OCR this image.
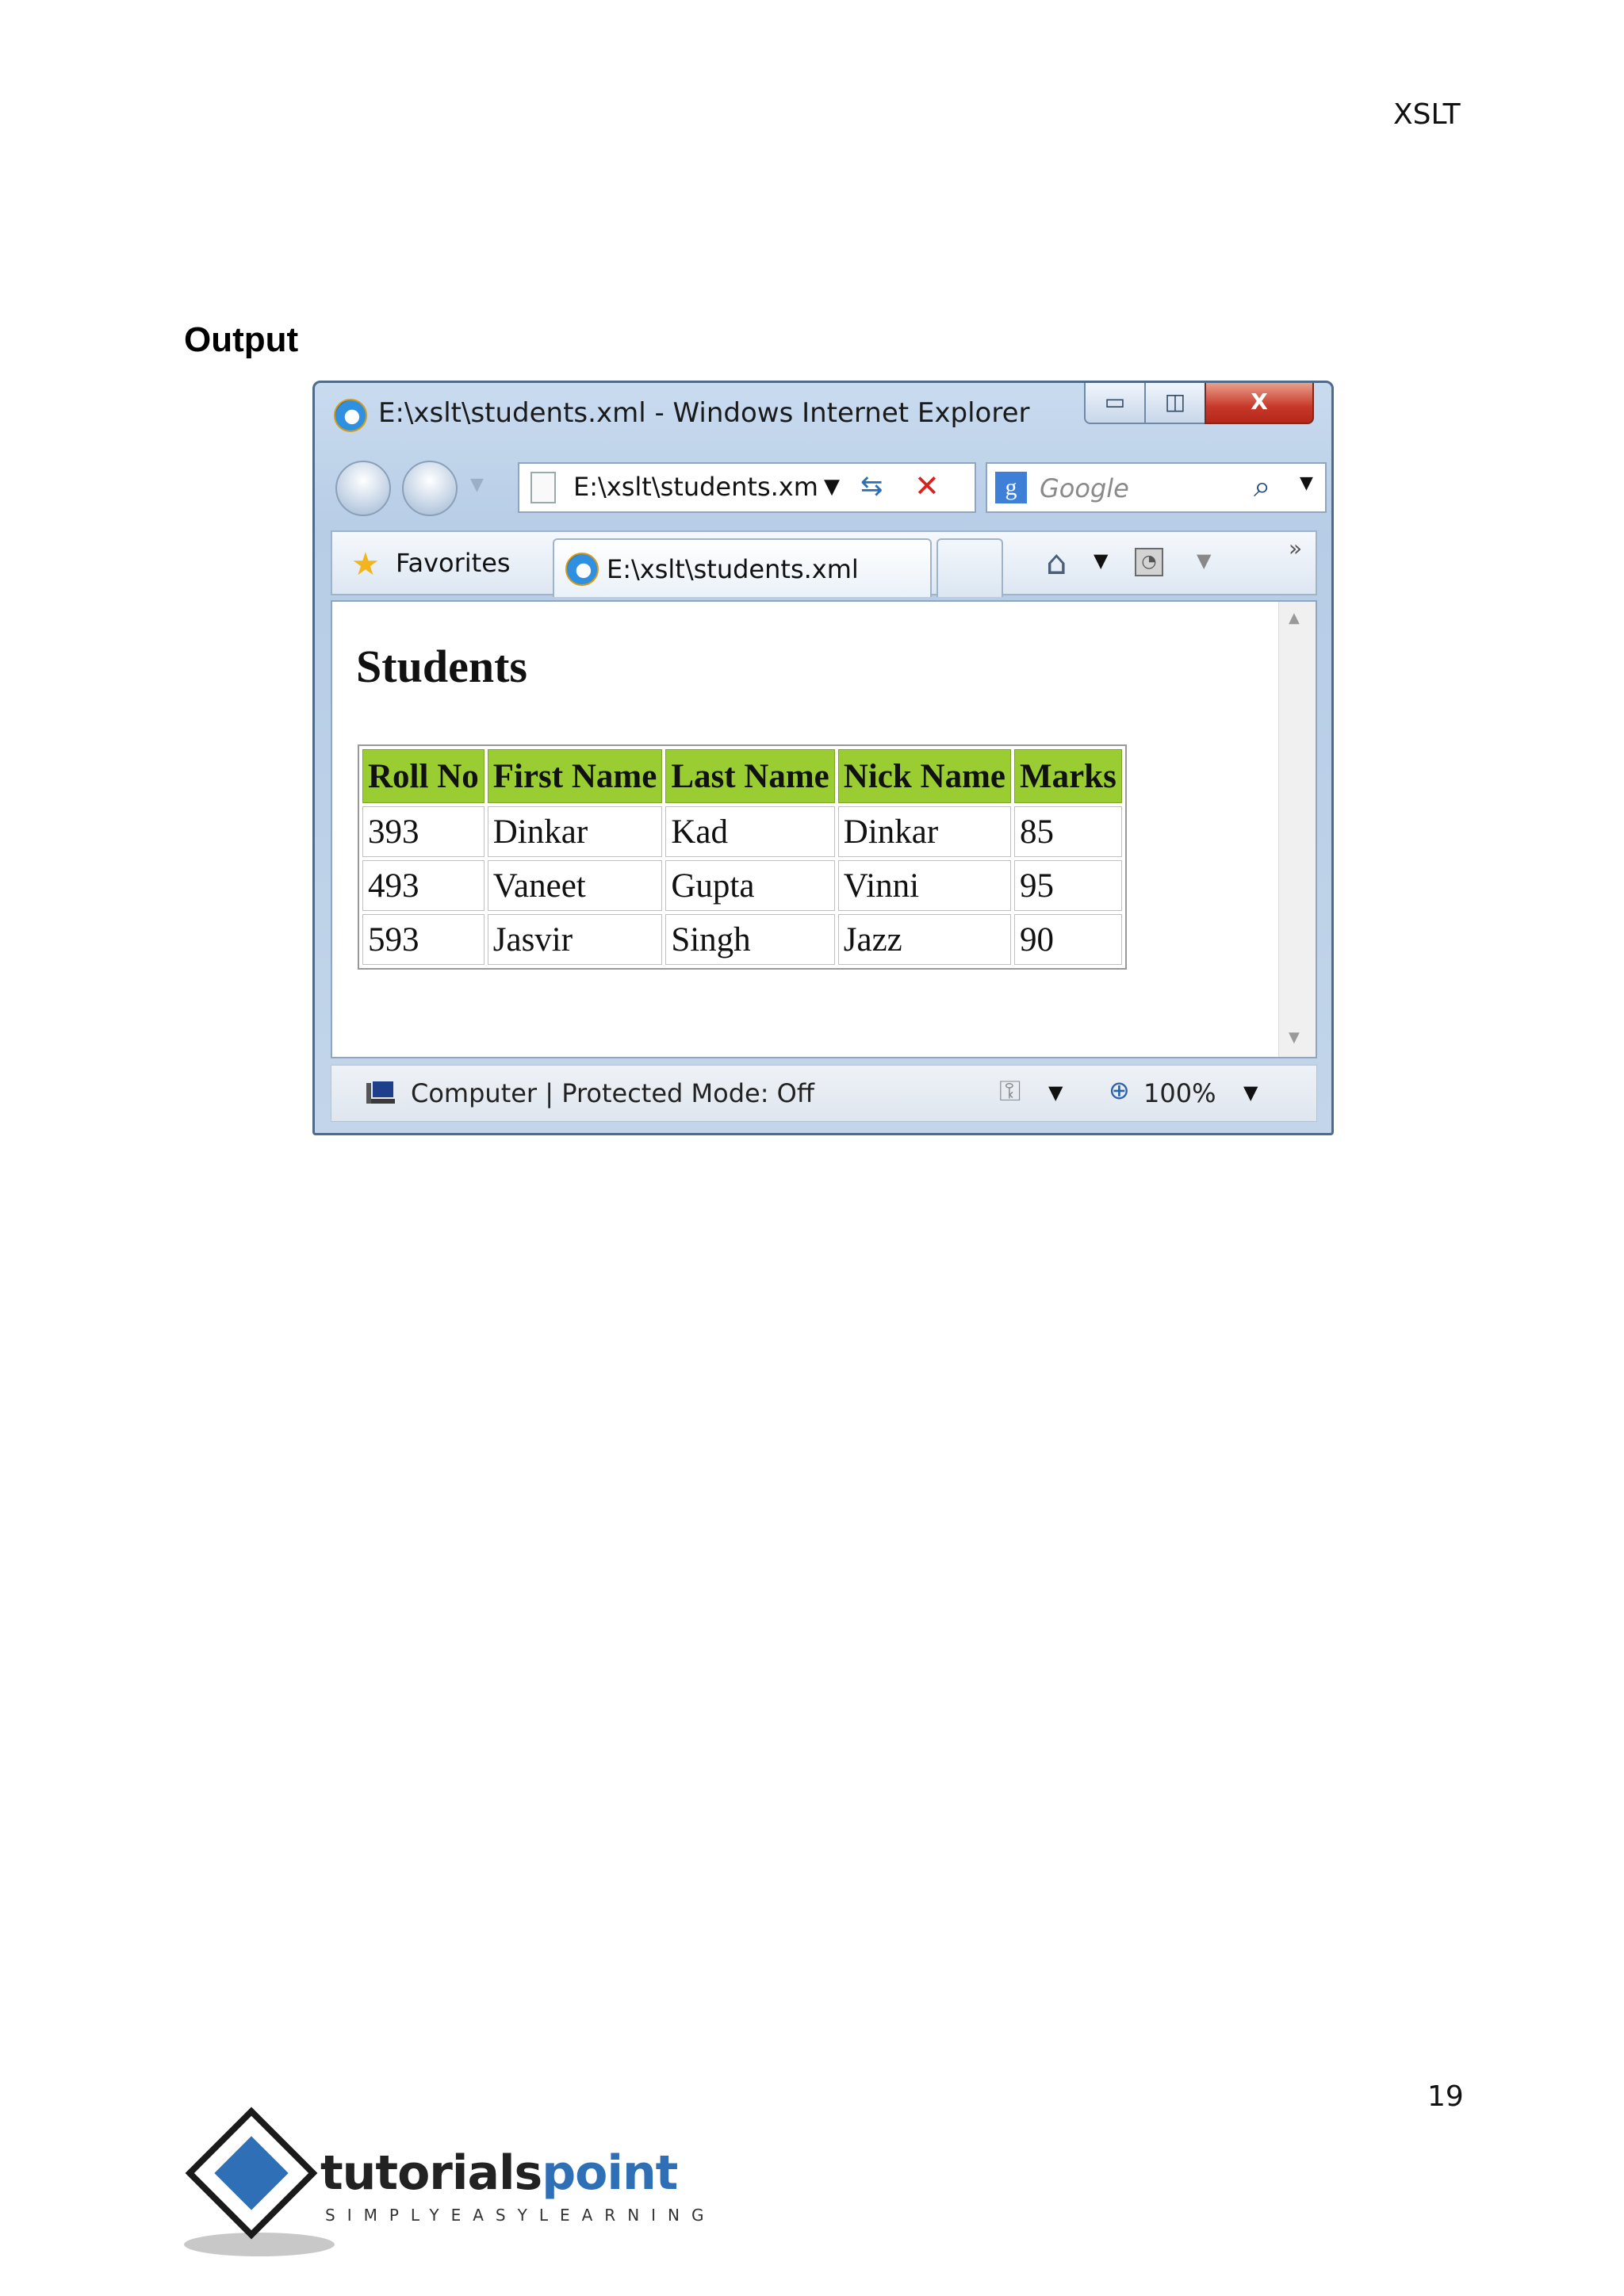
XSLT
Output
E:\xslt\students.xml - Windows Internet Explorer	▭	◫	X
▼	E:\xslt\students.xm ▼ ⇆ ✕	g Google	⌕ ▼
★ Favorites	E:\xslt\students.xml	⌂ ▼	◔	▼	»
Students
Roll No	First Name	Last Name	Nick Name	Marks
393	Dinkar	Kad	Dinkar	85
493	Vaneet	Gupta	Vinni	95
593	Jasvir	Singh	Jazz	90
▲
▼
Computer | Protected Mode: Off	⚿ ▼ ⊕ 100% ▼
19
tutorialspoint
SIMPLYEASYLEARNING
